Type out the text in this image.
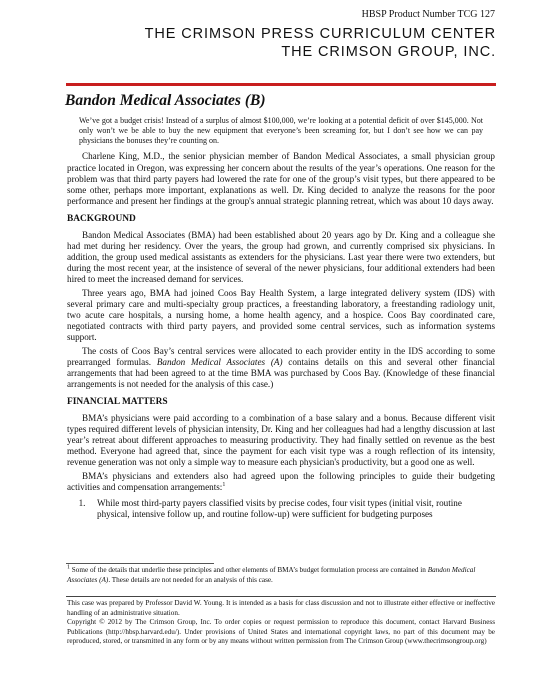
HBSP Product Number TCG 127
THE CRIMSON PRESS CURRICULUM CENTER
THE CRIMSON GROUP, INC.
Bandon Medical Associates (B)

We’ve got a budget crisis! Instead of a surplus of almost $100,000, we’re looking at a potential deficit of over $145,000. Not only won’t we be able to buy the new equipment that everyone’s been screaming for, but I don’t see how we can pay physicians the bonuses they’re counting on.

Charlene King, M.D., the senior physician member of Bandon Medical Associates, a small physician group practice located in Oregon, was expressing her concern about the results of the year’s operations. One reason for the problem was that third party payers had lowered the rate for one of the group’s visit types, but there appeared to be some other, perhaps more important, explanations as well. Dr. King decided to analyze the reasons for the poor performance and present her findings at the group's annual strategic planning retreat, which was about 10 days away.

BACKGROUND

Bandon Medical Associates (BMA) had been established about 20 years ago by Dr. King and a colleague she had met during her residency. Over the years, the group had grown, and currently comprised six physicians. In addition, the group used medical assistants as extenders for the physicians. Last year there were two extenders, but during the most recent year, at the insistence of several of the newer physicians, four additional extenders had been hired to meet the increased demand for services.

Three years ago, BMA had joined Coos Bay Health System, a large integrated delivery system (IDS) with several primary care and multi-specialty group practices, a freestanding laboratory, a freestanding radiology unit, two acute care hospitals, a nursing home, a home health agency, and a hospice. Coos Bay coordinated care, negotiated contracts with third party payers, and provided some central services, such as information systems support.

The costs of Coos Bay’s central services were allocated to each provider entity in the IDS according to some prearranged formulas. Bandon Medical Associates (A) contains details on this and several other financial arrangements that had been agreed to at the time BMA was purchased by Coos Bay. (Knowledge of these financial arrangements is not needed for the analysis of this case.)

FINANCIAL MATTERS

BMA’s physicians were paid according to a combination of a base salary and a bonus. Because different visit types required different levels of physician intensity, Dr. King and her colleagues had had a lengthy discussion at last year’s retreat about different approaches to measuring productivity. They had finally settled on revenue as the best method. Everyone had agreed that, since the payment for each visit type was a rough reflection of its intensity, revenue generation was not only a simple way to measure each physician's productivity, but a good one as well.

BMA’s physicians and extenders also had agreed upon the following principles to guide their budgeting activities and compensation arrangements:$^1$

1.	While most third-party payers classified visits by precise codes, four visit types (initial visit, routine physical, intensive follow up, and routine follow-up) were sufficient for budgeting purposes
$^1$ Some of the details that underlie these principles and other elements of BMA’s budget formulation process are contained in Bandon Medical Associates (A). These details are not needed for an analysis of this case.

This case was prepared by Professor David W. Young. It is intended as a basis for class discussion and not to illustrate either effective or ineffective handling of an administrative situation.

Copyright © 2012 by The Crimson Group, Inc. To order copies or request permission to reproduce this document, contact Harvard Business Publications (http://hbsp.harvard.edu/). Under provisions of United States and international copyright laws, no part of this document may be reproduced, stored, or transmitted in any form or by any means without written permission from The Crimson Group (www.thecrimsongroup.org)
